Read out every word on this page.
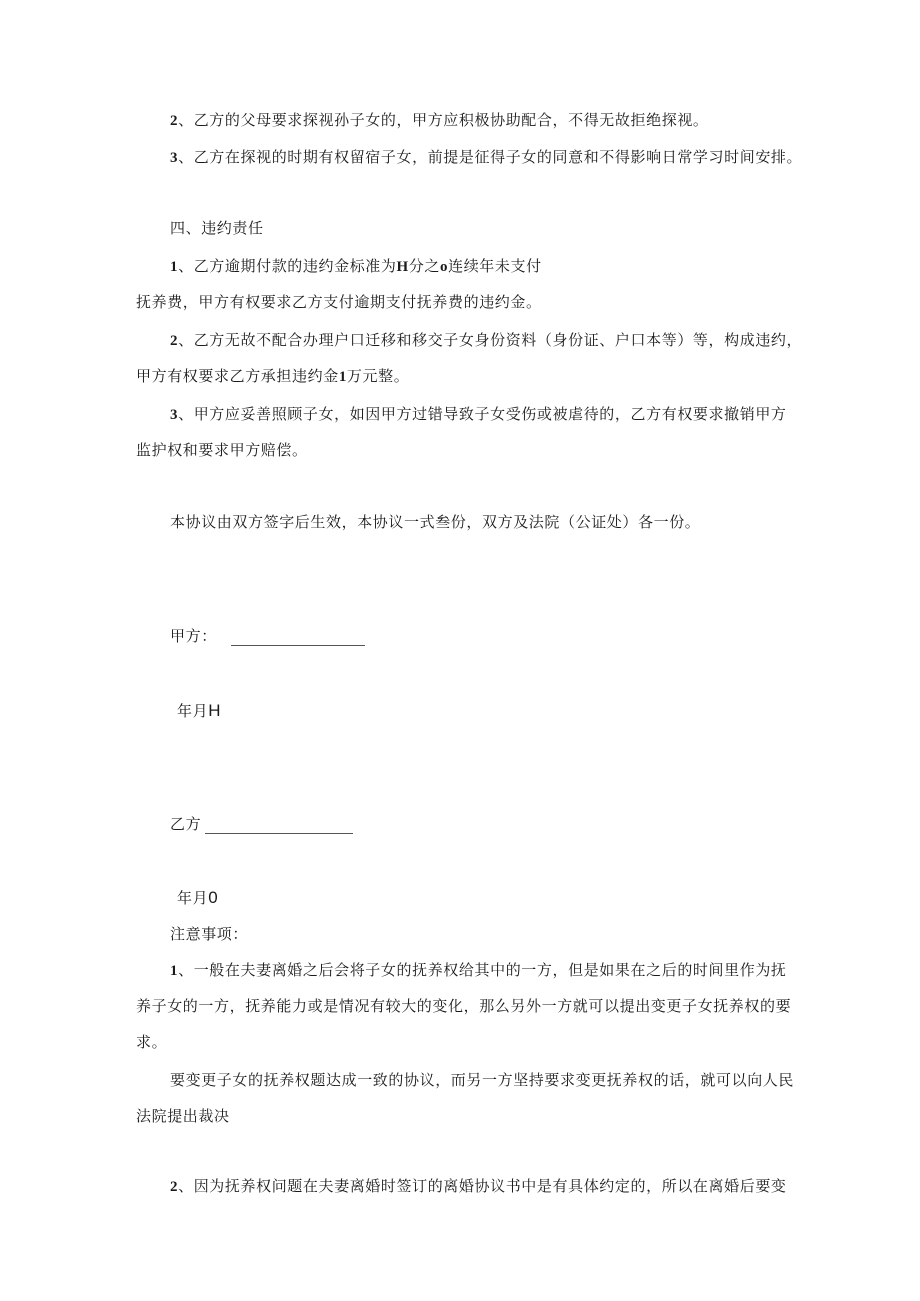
2、乙方的父母要求探视孙子女的，甲方应积极协助配合，不得无故拒绝探视。
3、乙方在探视的时期有权留宿子女，前提是征得子女的同意和不得影响日常学习时间安排。
四、违约责任
1、乙方逾期付款的违约金标准为H分之o连续年未支付
抚养费，甲方有权要求乙方支付逾期支付抚养费的违约金。
2、乙方无故不配合办理户口迁移和移交子女身份资料（身份证、户口本等）等，构成违约，
甲方有权要求乙方承担违约金1万元整。
3、甲方应妥善照顾子女，如因甲方过错导致子女受伤或被虐待的，乙方有权要求撤销甲方
监护权和要求甲方赔偿。
本协议由双方签字后生效，本协议一式叁份，双方及法院（公证处）各一份。
甲方：
年月H
乙方
年月0
注意事项：
1、一般在夫妻离婚之后会将子女的抚养权给其中的一方，但是如果在之后的时间里作为抚
养子女的一方，抚养能力或是情况有较大的变化，那么另外一方就可以提出变更子女抚养权的要
求。
要变更子女的抚养权题达成一致的协议，而另一方坚持要求变更抚养权的话，就可以向人民
法院提出裁决
2、因为抚养权问题在夫妻离婚时签订的离婚协议书中是有具体约定的，所以在离婚后要变
